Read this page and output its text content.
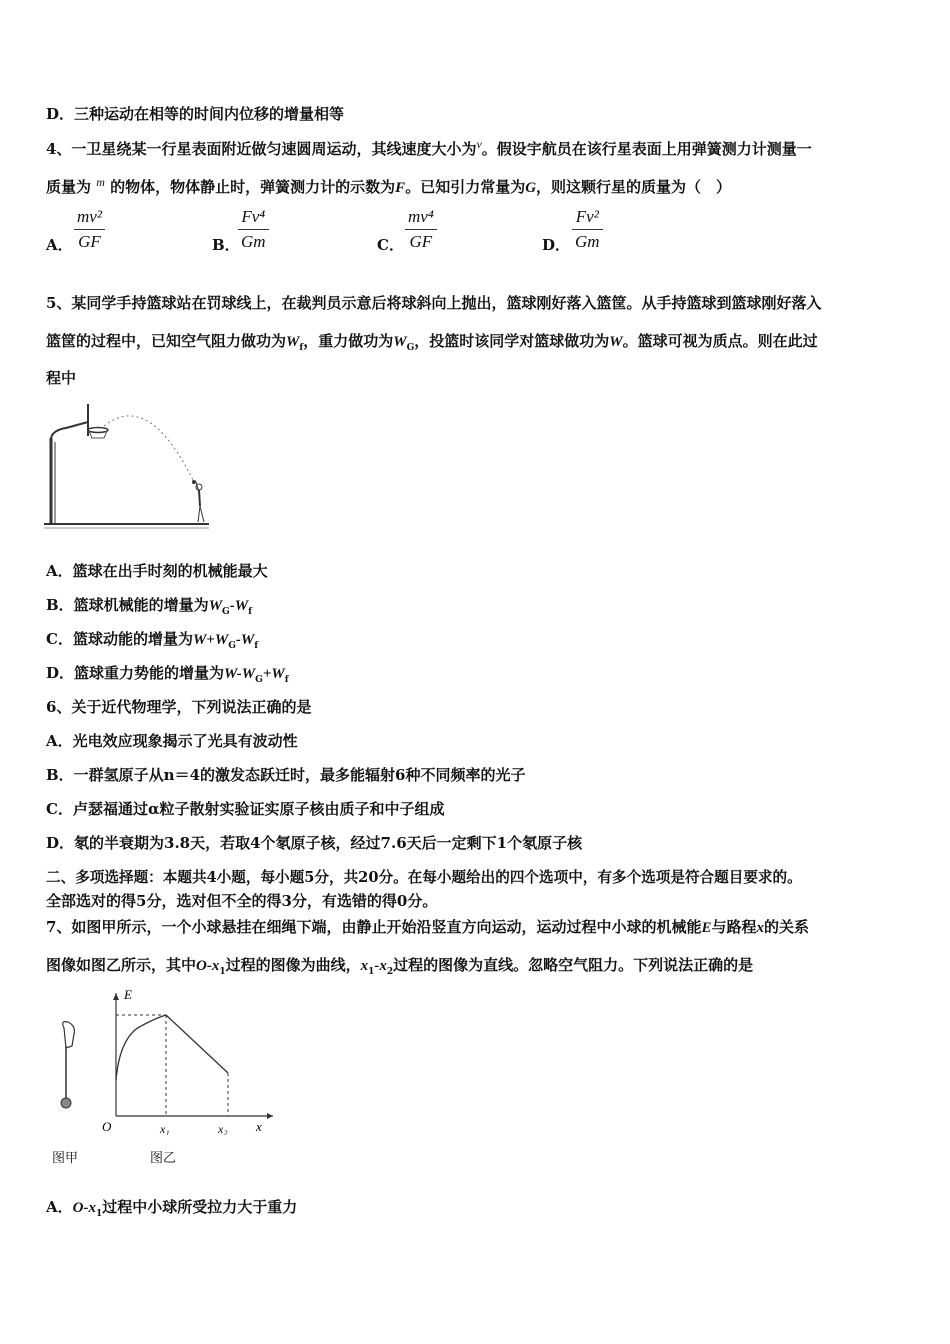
D．三种运动在相等的时间内位移的增量相等
4、一卫星绕某一行星表面附近做匀速圆周运动，其线速度大小为$^v$。假设宇航员在该行星表面上用弹簧测力计测量一
质量为 $^m$ 的物体，物体静止时，弹簧测力计的示数为F。已知引力常量为G，则这颗行星的质量为（　）
A．
mv²
GF	B．
Fv⁴
Gm	C．
mv⁴
GF	D．
Fv²
Gm
5、某同学手持篮球站在罚球线上，在裁判员示意后将球斜向上抛出，篮球刚好落入篮筐。从手持篮球到篮球刚好落入
篮筐的过程中，已知空气阻力做功为$W_f$，重力做功为$W_G$，投篮时该同学对篮球做功为W。篮球可视为质点。则在此过
程中
A．篮球在出手时刻的机械能最大
B．篮球机械能的增量为$W_G-W_f$
C．篮球动能的增量为$W+W_G-W_f$
D．篮球重力势能的增量为$W-W_G+W_f$
6、关于近代物理学，下列说法正确的是
A．光电效应现象揭示了光具有波动性
B．一群氢原子从n＝4的激发态跃迁时，最多能辐射6种不同频率的光子
C．卢瑟福通过α粒子散射实验证实原子核由质子和中子组成
D．氡的半衰期为3.8天，若取4个氡原子核，经过7.6天后一定剩下1个氡原子核
二、多项选择题：本题共4小题，每小题5分，共20分。在每小题给出的四个选项中，有多个选项是符合题目要求的。
全部选对的得5分，选对但不全的得3分，有选错的得0分。
7、如图甲所示，一个小球悬挂在细绳下端，由静止开始沿竖直方向运动，运动过程中小球的机械能E与路程x的关系
图像如图乙所示，其中$O-x_1$过程的图像为曲线，$x_1-x_2$过程的图像为直线。忽略空气阻力。下列说法正确的是
图甲
E
O	x
x₁	x₂
图乙
A．$O-x_1$过程中小球所受拉力大于重力
